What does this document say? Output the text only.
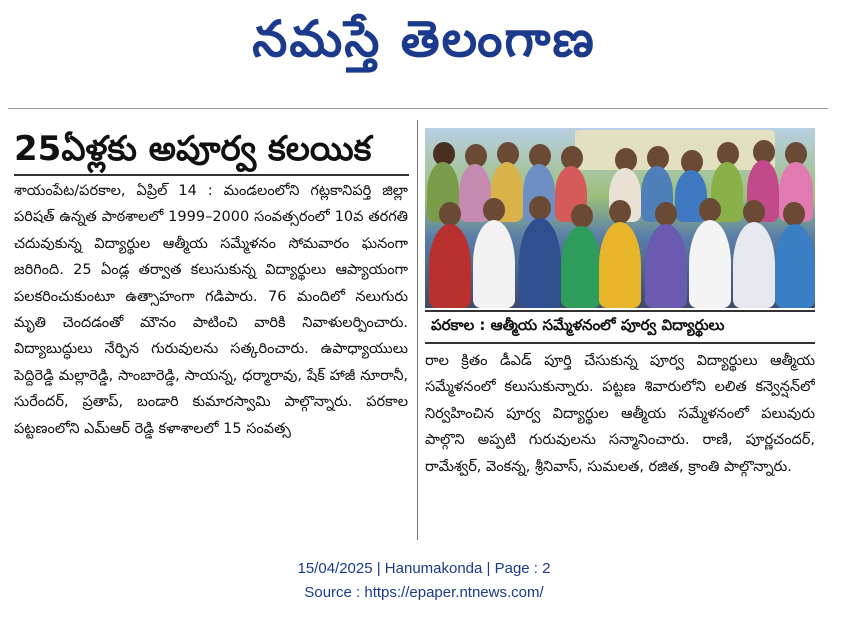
నమస్తే తెలంగాణ
25ఏళ్లకు అపూర్వ కలయిక
శాయంపేట/పరకాల, ఏప్రిల్ 14 : మండలంలోని గట్లకానిపర్తి జిల్లా పరిషత్ ఉన్నత పాఠశాలలో 1999–2000 సంవత్సరంలో 10వ తరగతి చదువుకున్న విద్యార్థుల ఆత్మీయ సమ్మేళనం సోమవారం ఘనంగా జరిగింది. 25 ఏండ్ల తర్వాత కలుసుకున్న విద్యార్థులు ఆప్యాయంగా పలకరించుకుంటూ ఉత్సాహంగా గడిపారు. 76 మందిలో నలుగురు మృతి చెందడంతో మౌనం పాటించి వారికి నివాళులర్పించారు. విద్యాబుద్ధులు నేర్పిన గురువులను సత్కరించారు. ఉపాధ్యాయులు పెద్దిరెడ్డి మల్లారెడ్డి, సాంబారెడ్డి, సాయన్న, ధర్మారావు, షేక్ హాజీ నూరానీ, సురేందర్, ప్రతాప్, బండారి కుమారస్వామి పాల్గొన్నారు. పరకాల పట్టణంలోని ఎమ్ఆర్ రెడ్డి కళాశాలలో 15 సంవత్స
పరకాల : ఆత్మీయ సమ్మేళనంలో పూర్వ విద్యార్థులు
రాల క్రితం డీఎడ్ పూర్తి చేసుకున్న పూర్వ విద్యార్థులు ఆత్మీయ సమ్మేళనంలో కలుసుకున్నారు. పట్టణ శివారులోని లలిత కన్వెన్షన్‌లో నిర్వహించిన పూర్వ విద్యార్థుల ఆత్మీయ సమ్మేళనంలో పలువురు పాల్గొని అప్పటి గురువులను సన్మానించారు. రాణి, పూర్ణచందర్, రామేశ్వర్, వెంకన్న, శ్రీనివాస్, సుమలత, రజిత, క్రాంతి పాల్గొన్నారు.
15/04/2025 | Hanumakonda | Page : 2
Source : https://epaper.ntnews.com/
